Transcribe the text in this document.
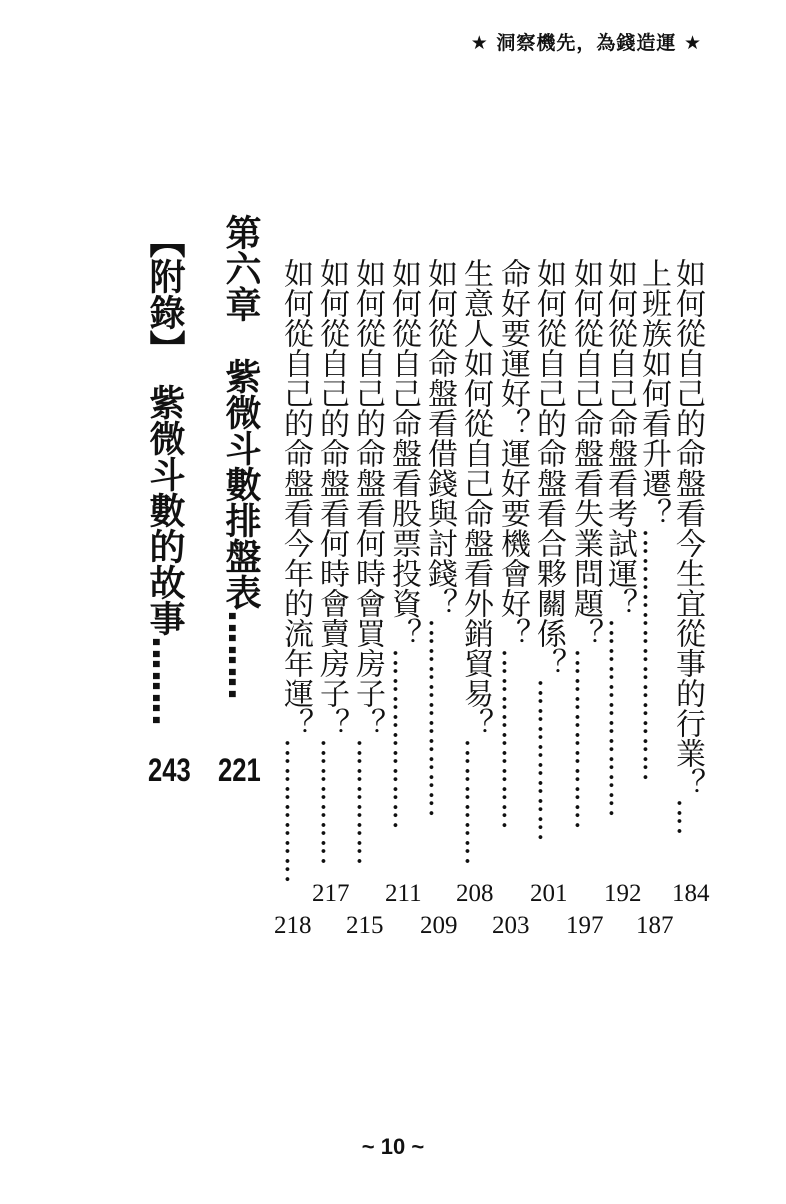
★ 洞察機先，為錢造運 ★
如何從自己的命盤看今生宜從事的行業？‥‥
上班族如何看升遷？‥‥‥‥‥‥‥‥‥‥‥‥‥‥
如何從自己命盤看考試運？‥‥‥‥‥‥‥‥‥‥‥
如何從自己命盤看失業問題？‥‥‥‥‥‥‥‥‥‥
如何從自己的命盤看合夥關係？‥‥‥‥‥‥‥‥‥
命好要運好？運好要機會好？‥‥‥‥‥‥‥‥‥‥
生意人如何從自己命盤看外銷貿易？‥‥‥‥‥‥‥
如何從命盤看借錢與討錢？‥‥‥‥‥‥‥‥‥‥‥
如何從自己命盤看股票投資？‥‥‥‥‥‥‥‥‥‥
如何從自己的命盤看何時會買房子？‥‥‥‥‥‥‥
如何從自己的命盤看何時會賣房子？‥‥‥‥‥‥‥
如何從自己的命盤看今年的流年運？‥‥‥‥‥‥‥‥
第六章　紫微斗數排盤表‥‥‥‥
【附錄】　紫微斗數的故事‥‥‥‥
184
192
201
208
211
217
187
197
203
209
215
218
221
243
~ 10 ~
